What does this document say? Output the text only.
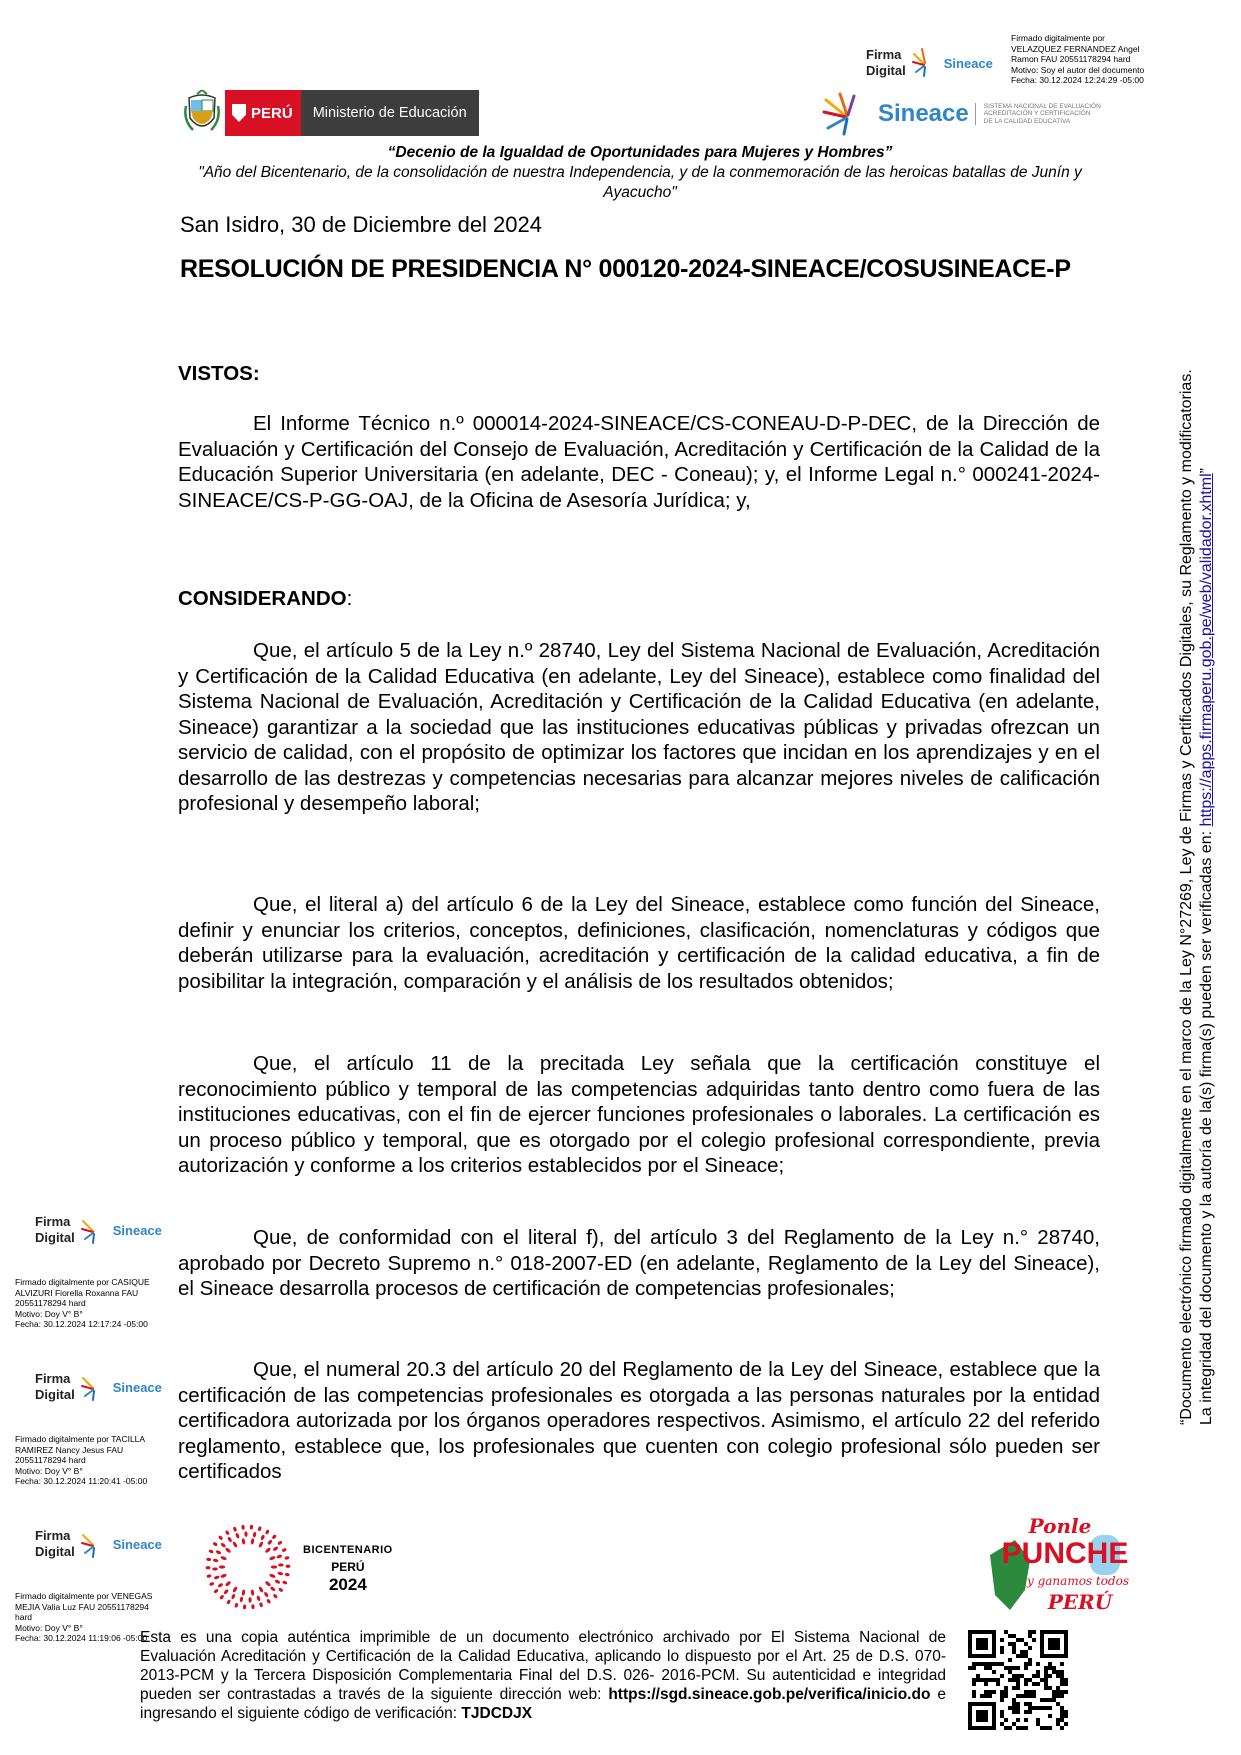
Firma
Digital	Sineace
Firmado digitalmente por
VELAZQUEZ FERNANDEZ Angel
Ramon FAU 20551178294 hard
Motivo: Soy el autor del documento
Fecha: 30.12.2024 12:24:29 -05:00
PERÚ	Ministerio de Educación	Sineace SISTEMA NACIONAL DE EVALUACIÓN
ACREDITACIÓN Y CERTIFICACIÓN
DE LA CALIDAD EDUCATIVA
“Decenio de la Igualdad de Oportunidades para Mujeres y Hombres”
"Año del Bicentenario, de la consolidación de nuestra Independencia, y de la conmemoración de las heroicas batallas de Junín y Ayacucho"
San Isidro, 30 de Diciembre del 2024
RESOLUCIÓN DE PRESIDENCIA N° 000120-2024-SINEACE/COSUSINEACE-P
VISTOS:

El Informe Técnico n.º 000014-2024-SINEACE/CS-CONEAU-D-P-DEC, de la Dirección de Evaluación y Certificación del Consejo de Evaluación, Acreditación y Certificación de la Calidad de la Educación Superior Universitaria (en adelante, DEC - Coneau); y, el Informe Legal n.° 000241-2024-SINEACE/CS-P-GG-OAJ, de la Oficina de Asesoría Jurídica; y,

CONSIDERANDO:

Que, el artículo 5 de la Ley n.º 28740, Ley del Sistema Nacional de Evaluación, Acreditación y Certificación de la Calidad Educativa (en adelante, Ley del Sineace), establece como finalidad del Sistema Nacional de Evaluación, Acreditación y Certificación de la Calidad Educativa (en adelante, Sineace) garantizar a la sociedad que las instituciones educativas públicas y privadas ofrezcan un servicio de calidad, con el propósito de optimizar los factores que incidan en los aprendizajes y en el desarrollo de las destrezas y competencias necesarias para alcanzar mejores niveles de calificación profesional y desempeño laboral;

Que, el literal a) del artículo 6 de la Ley del Sineace, establece como función del Sineace, definir y enunciar los criterios, conceptos, definiciones, clasificación, nomenclaturas y códigos que deberán utilizarse para la evaluación, acreditación y certificación de la calidad educativa, a fin de posibilitar la integración, comparación y el análisis de los resultados obtenidos;

Que, el artículo 11 de la precitada Ley señala que la certificación constituye el reconocimiento público y temporal de las competencias adquiridas tanto dentro como fuera de las instituciones educativas, con el fin de ejercer funciones profesionales o laborales. La certificación es un proceso público y temporal, que es otorgado por el colegio profesional correspondiente, previa autorización y conforme a los criterios establecidos por el Sineace;

Que, de conformidad con el literal f), del artículo 3 del Reglamento de la Ley n.° 28740, aprobado por Decreto Supremo n.° 018-2007-ED (en adelante, Reglamento de la Ley del Sineace), el Sineace desarrolla procesos de certificación de competencias profesionales;

Que, el numeral 20.3 del artículo 20 del Reglamento de la Ley del Sineace, establece que la certificación de las competencias profesionales es otorgada a las personas naturales por la entidad certificadora autorizada por los órganos operadores respectivos. Asimismo, el artículo 22 del referido reglamento, establece que, los profesionales que cuenten con colegio profesional sólo pueden ser certificados

“Documento electrónico firmado digitalmente en el marco de la Ley N°27269, Ley de Firmas y Certificados Digitales, su Reglamento y modificatorias. La integridad del documento y la autoría de la(s) firma(s) pueden ser verificadas en: https://apps.firmaperu.gob.pe/web/validador.xhtml”
Firma
Digital	Sineace
Firmado digitalmente por CASIQUE
ALVIZURI Fiorella Roxanna FAU
20551178294 hard
Motivo: Doy V° B°
Fecha: 30.12.2024 12:17:24 -05:00
Firma
Digital	Sineace
Firmado digitalmente por TACILLA
RAMIREZ Nancy Jesus FAU
20551178294 hard
Motivo: Doy V° B°
Fecha: 30.12.2024 11:20:41 -05:00
Firma
Digital	Sineace
Firmado digitalmente por VENEGAS
MEJIA Valia Luz FAU 20551178294
hard
Motivo: Doy V° B°
Fecha: 30.12.2024 11:19:06 -05:00
BICENTENARIO
PERÚ
2024
Ponle
PUNCHE
y ganamos todos
PERÚ
Esta es una copia auténtica imprimible de un documento electrónico archivado por El Sistema Nacional de Evaluación Acreditación y Certificación de la Calidad Educativa, aplicando lo dispuesto por el Art. 25 de D.S. 070-2013-PCM y la Tercera Disposición Complementaria Final del D.S. 026- 2016-PCM. Su autenticidad e integridad pueden ser contrastadas a través de la siguiente dirección web: https://sgd.sineace.gob.pe/verifica/inicio.do e ingresando el siguiente código de verificación: TJDCDJX
